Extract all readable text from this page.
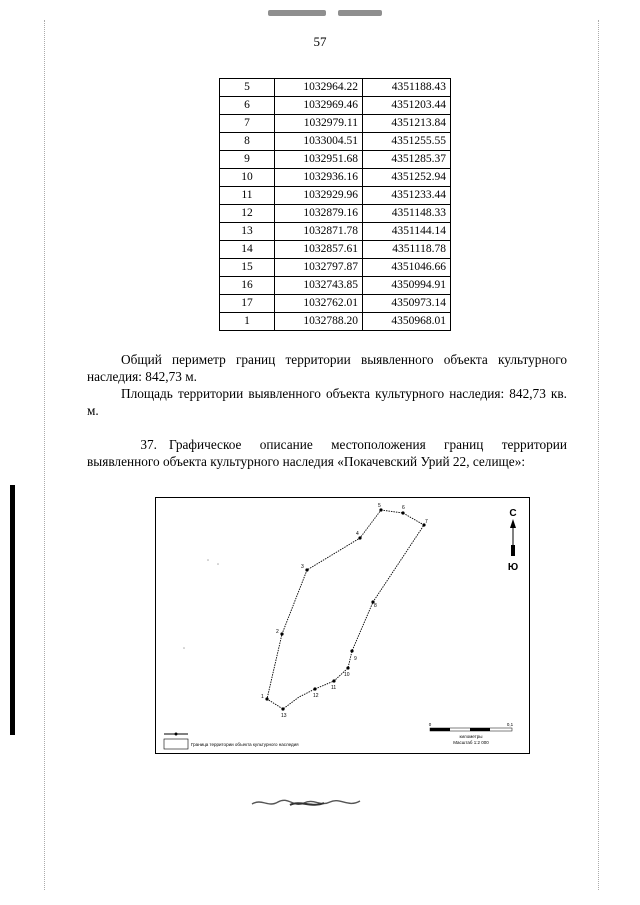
57
5	1032964.22	4351188.43
6	1032969.46	4351203.44
7	1032979.11	4351213.84
8	1033004.51	4351255.55
9	1032951.68	4351285.37
10	1032936.16	4351252.94
11	1032929.96	4351233.44
12	1032879.16	4351148.33
13	1032871.78	4351144.14
14	1032857.61	4351118.78
15	1032797.87	4351046.66
16	1032743.85	4350994.91
17	1032762.01	4350973.14
1	1032788.20	4350968.01
Общий периметр границ территории выявленного объекта культурного наследия: 842,73 м.
Площадь территории выявленного объекта культурного наследия: 842,73 кв. м.
37. Графическое описание местоположения границ территории выявленного объекта культурного наследия «Покачевский Урий 22, селище»:
5	6
7
4
3
8
2
9
10
11
12
1
13
С
Ю
Граница территории объекта культурного наследия
0	0,1
километры
Масштаб 1:2 000
